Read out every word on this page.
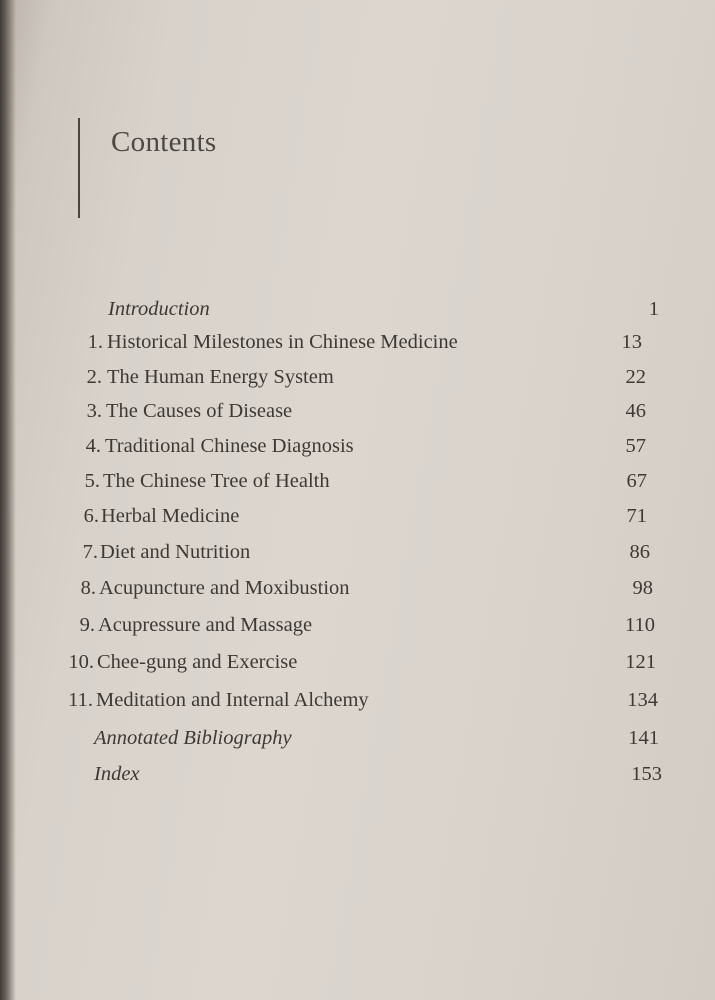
Contents
Introduction	1
1. Historical Milestones in Chinese Medicine	13
2. The Human Energy System	22
3. The Causes of Disease	46
4. Traditional Chinese Diagnosis	57
5. The Chinese Tree of Health	67
6. Herbal Medicine	71
7. Diet and Nutrition	86
8. Acupuncture and Moxibustion	98
9. Acupressure and Massage	110
10. Chee-gung and Exercise	121
11. Meditation and Internal Alchemy	134
Annotated Bibliography	141
Index	153
